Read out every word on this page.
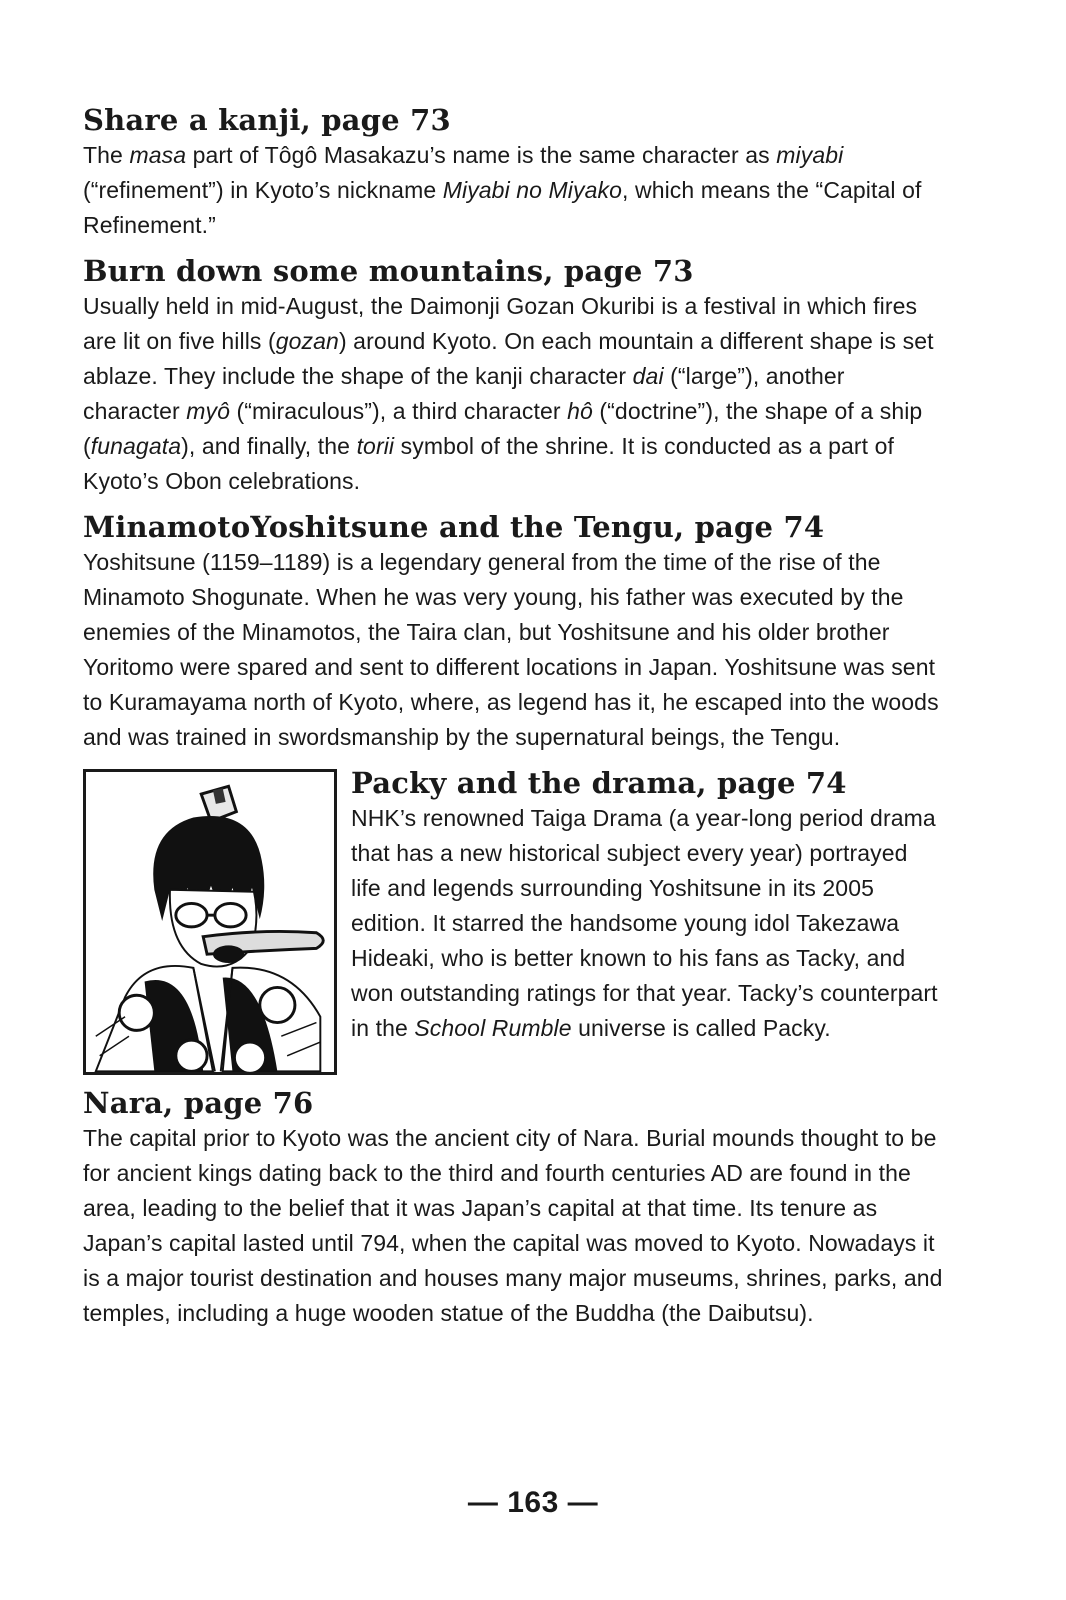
Share a kanji, page 73

The masa part of Tôgô Masakazu’s name is the same character as miyabi (“refinement”) in Kyoto’s nickname Miyabi no Miyako, which means the “Capital of Refinement.”

Burn down some mountains, page 73

Usually held in mid-August, the Daimonji Gozan Okuribi is a festival in which fires are lit on five hills (gozan) around Kyoto. On each mountain a different shape is set ablaze. They include the shape of the kanji character dai (“large”), another character myô (“miraculous”), a third character hô (“doctrine”), the shape of a ship (funagata), and finally, the torii symbol of the shrine. It is conducted as a part of Kyoto’s Obon celebrations.

MinamotoYoshitsune and the Tengu, page 74

Yoshitsune (1159–1189) is a legendary general from the time of the rise of the Minamoto Shogunate. When he was very young, his father was executed by the enemies of the Minamotos, the Taira clan, but Yoshitsune and his older brother Yoritomo were spared and sent to different locations in Japan. Yoshitsune was sent to Kuramayama north of Kyoto, where, as legend has it, he escaped into the woods and was trained in swordsmanship by the supernatural beings, the Tengu.

Packy and the drama, page 74

NHK’s renowned Taiga Drama (a year-long period drama that has a new historical subject every year) portrayed life and legends surrounding Yoshitsune in its 2005 edition. It starred the handsome young idol Takezawa Hideaki, who is better known to his fans as Tacky, and won outstanding ratings for that year. Tacky’s counterpart in the School Rumble universe is called Packy.

Nara, page 76

The capital prior to Kyoto was the ancient city of Nara. Burial mounds thought to be for ancient kings dating back to the third and fourth centuries AD are found in the area, leading to the belief that it was Japan’s capital at that time. Its tenure as Japan’s capital lasted until 794, when the capital was moved to Kyoto. Nowadays it is a major tourist destination and houses many major museums, shrines, parks, and temples, including a huge wooden statue of the Buddha (the Daibutsu).

— 163 —
